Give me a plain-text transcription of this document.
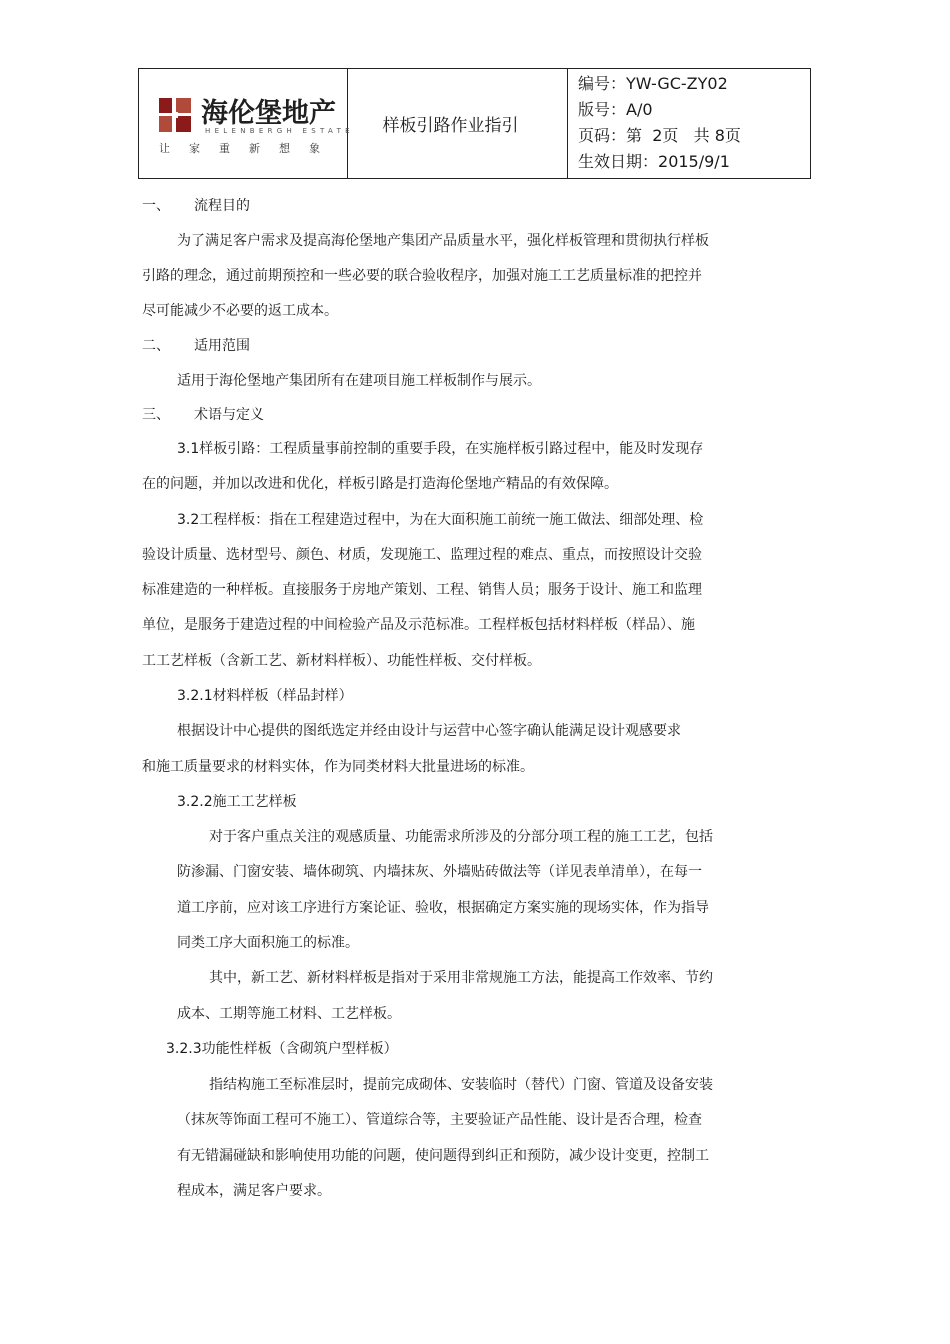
海伦堡地产
HELENBERGH ESTATE
让家重新想象
样板引路作业指引
编号：YW-GC-ZY02
版号：A/0
页码：第  2页   共 8页
生效日期：2015/9/1
一、 流程目的
为了满足客户需求及提高海伦堡地产集团产品质量水平，强化样板管理和贯彻执行样板
引路的理念，通过前期预控和一些必要的联合验收程序，加强对施工工艺质量标准的把控并
尽可能减少不必要的返工成本。
二、 适用范围
适用于海伦堡地产集团所有在建项目施工样板制作与展示。
三、 术语与定义
3.1样板引路：工程质量事前控制的重要手段，在实施样板引路过程中，能及时发现存
在的问题，并加以改进和优化，样板引路是打造海伦堡地产精品的有效保障。
3.2工程样板：指在工程建造过程中，为在大面积施工前统一施工做法、细部处理、检
验设计质量、选材型号、颜色、材质，发现施工、监理过程的难点、重点，而按照设计交验
标准建造的一种样板。直接服务于房地产策划、工程、销售人员；服务于设计、施工和监理
单位，是服务于建造过程的中间检验产品及示范标准。工程样板包括材料样板（样品）、施
工工艺样板（含新工艺、新材料样板）、功能性样板、交付样板。
3.2.1材料样板（样品封样）
根据设计中心提供的图纸选定并经由设计与运营中心签字确认能满足设计观感要求
和施工质量要求的材料实体，作为同类材料大批量进场的标准。
3.2.2施工工艺样板
对于客户重点关注的观感质量、功能需求所涉及的分部分项工程的施工工艺，包括
防渗漏、门窗安装、墙体砌筑、内墙抹灰、外墙贴砖做法等（详见表单清单），在每一
道工序前，应对该工序进行方案论证、验收，根据确定方案实施的现场实体，作为指导
同类工序大面积施工的标准。
其中，新工艺、新材料样板是指对于采用非常规施工方法，能提高工作效率、节约
成本、工期等施工材料、工艺样板。
3.2.3功能性样板（含砌筑户型样板）
指结构施工至标准层时，提前完成砌体、安装临时（替代）门窗、管道及设备安装
（抹灰等饰面工程可不施工）、管道综合等，主要验证产品性能、设计是否合理，检查
有无错漏碰缺和影响使用功能的问题，使问题得到纠正和预防，减少设计变更，控制工
程成本，满足客户要求。
